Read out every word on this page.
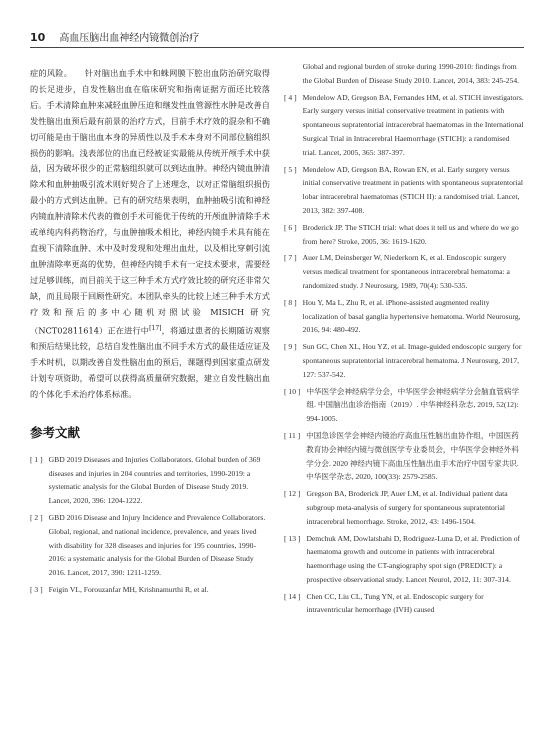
10 高血压脑出血神经内镜微创治疗

症的风险。　　针对脑出血手术中和蛛网膜下腔出血防治研究取得的长足进步，自发性脑出血在临床研究和指南证据方面还比较落后。手术清除血肿来减轻血肿压迫和继发性血管源性水肿是改善自发性脑出血预后最有前景的治疗方式，目前手术疗效的混杂和不确切可能是由于脑出血本身的异质性以及手术本身对不同部位脑组织损伤的影响。浅表部位的出血已经被证实最能从传统开颅手术中获益，因为破坏很少的正常脑组织就可以到达血肿。神经内镜血肿清除术和血肿抽吸引流术则好契合了上述理念，以对正常脑组织损伤最小的方式到达血肿。已有的研究结果表明，血肿抽吸引流和神经内镜血肿清除术代表的微创手术可能优于传统的开颅血肿清除手术或单纯内科药物治疗，与血肿抽吸术相比，神经内镜手术具有能在直视下清除血肿、术中及时发现和处理出血灶，以及相比穿刺引流血肿清除率更高的优势，但神经内镜手术有一定技术要求，需要经过足够训练，而目前关于这三种手术方式疗效比较的研究还非常欠缺，而且局限于回顾性研究。本团队牵头的比较上述三种手术方式疗效和预后的多中心随机对照试验 MISICH 研究（NCT02811614）正在进行中[17]，将通过患者的长期随访观察和预后结果比较，总结自发性脑出血不同手术方式的最佳适应证及手术时机，以期改善自发性脑出血的预后，课题得到国家重点研发计划专项资助，希望可以获得高质量研究数据，建立自发性脑出血的个体化手术治疗体系标准。

参考文献
[ 1 ] GBD 2019 Diseases and Injuries Collaborators. Global burden of 369 diseases and injuries in 204 countries and territories, 1990-2019: a systematic analysis for the Global Burden of Disease Study 2019. Lancet, 2020, 396: 1204-1222.
[ 2 ] GBD 2016 Disease and Injury Incidence and Prevalence Collaborators. Global, regional, and national incidence, prevalence, and years lived with disability for 328 diseases and injuries for 195 countries, 1990-2016: a systematic analysis for the Global Burden of Disease Study 2016. Lancet, 2017, 390: 1211-1259.
[ 3 ] Feigin VL, Forouzanfar MH, Krishnamurthi R, et al.
Global and regional burden of stroke during 1990-2010: findings from the Global Burden of Disease Study 2010. Lancet, 2014, 383: 245-254.
[ 4 ] Mendelow AD, Gregson BA, Fernandes HM, et al. STICH investigators. Early surgery versus initial conservative treatment in patients with spontaneous supratentorial intracerebral haematomas in the International Surgical Trial in Intracerebral Haemorrhage (STICH): a randomised trial. Lancet, 2005, 365: 387-397.
[ 5 ] Mendelow AD, Gregson BA, Rowan EN, et al. Early surgery versus initial conservative treatment in patients with spontaneous supratentorial lobar intracerebral haematomas (STICH II): a randomised trial. Lancet, 2013, 382: 397-408.
[ 6 ] Broderick JP. The STICH trial: what does it tell us and where do we go from here? Stroke, 2005, 36: 1619-1620.
[ 7 ] Auer LM, Deinsberger W, Niederkorn K, et al. Endoscopic surgery versus medical treatment for spontaneous intracerebral hematoma: a randomized study. J Neurosurg, 1989, 70(4): 530-535.
[ 8 ] Hou Y, Ma L, Zhu R, et al. iPhone-assisted augmented reality localization of basal ganglia hypertensive hematoma. World Neurosurg, 2016, 94: 480-492.
[ 9 ] Sun GC, Chen XL, Hou YZ, et al. Image-guided endoscopic surgery for spontaneous supratentorial intracerebral hematoma. J Neurosurg, 2017, 127: 537-542.
[ 10 ] 中华医学会神经病学分会，中华医学会神经病学分会脑血管病学组. 中国脑出血诊治指南（2019）. 中华神经科杂志, 2019, 52(12): 994-1005.
[ 11 ] 中国急诊医学会神经内镜治疗高血压性脑出血协作组，中国医药教育协会神经内镜与微创医学专业委员会，中华医学会神经外科学分会. 2020 神经内镜下高血压性脑出血手术治疗中国专家共识. 中华医学杂志, 2020, 100(33): 2579-2585.
[ 12 ] Gregson BA, Broderick JP, Auer LM, et al. Individual patient data subgroup meta-analysis of surgery for spontaneous supratentorial intracerebral hemorrhage. Stroke, 2012, 43: 1496-1504.
[ 13 ] Demchuk AM, Dowlatshahi D, Rodriguez-Luna D, et al. Prediction of haematoma growth and outcome in patients with intracerebral haemorrhage using the CT-angiography spot sign (PREDICT): a prospective observational study. Lancet Neurol, 2012, 11: 307-314.
[ 14 ] Chen CC, Liu CL, Tung YN, et al. Endoscopic surgery for intraventricular hemorrhage (IVH) caused
